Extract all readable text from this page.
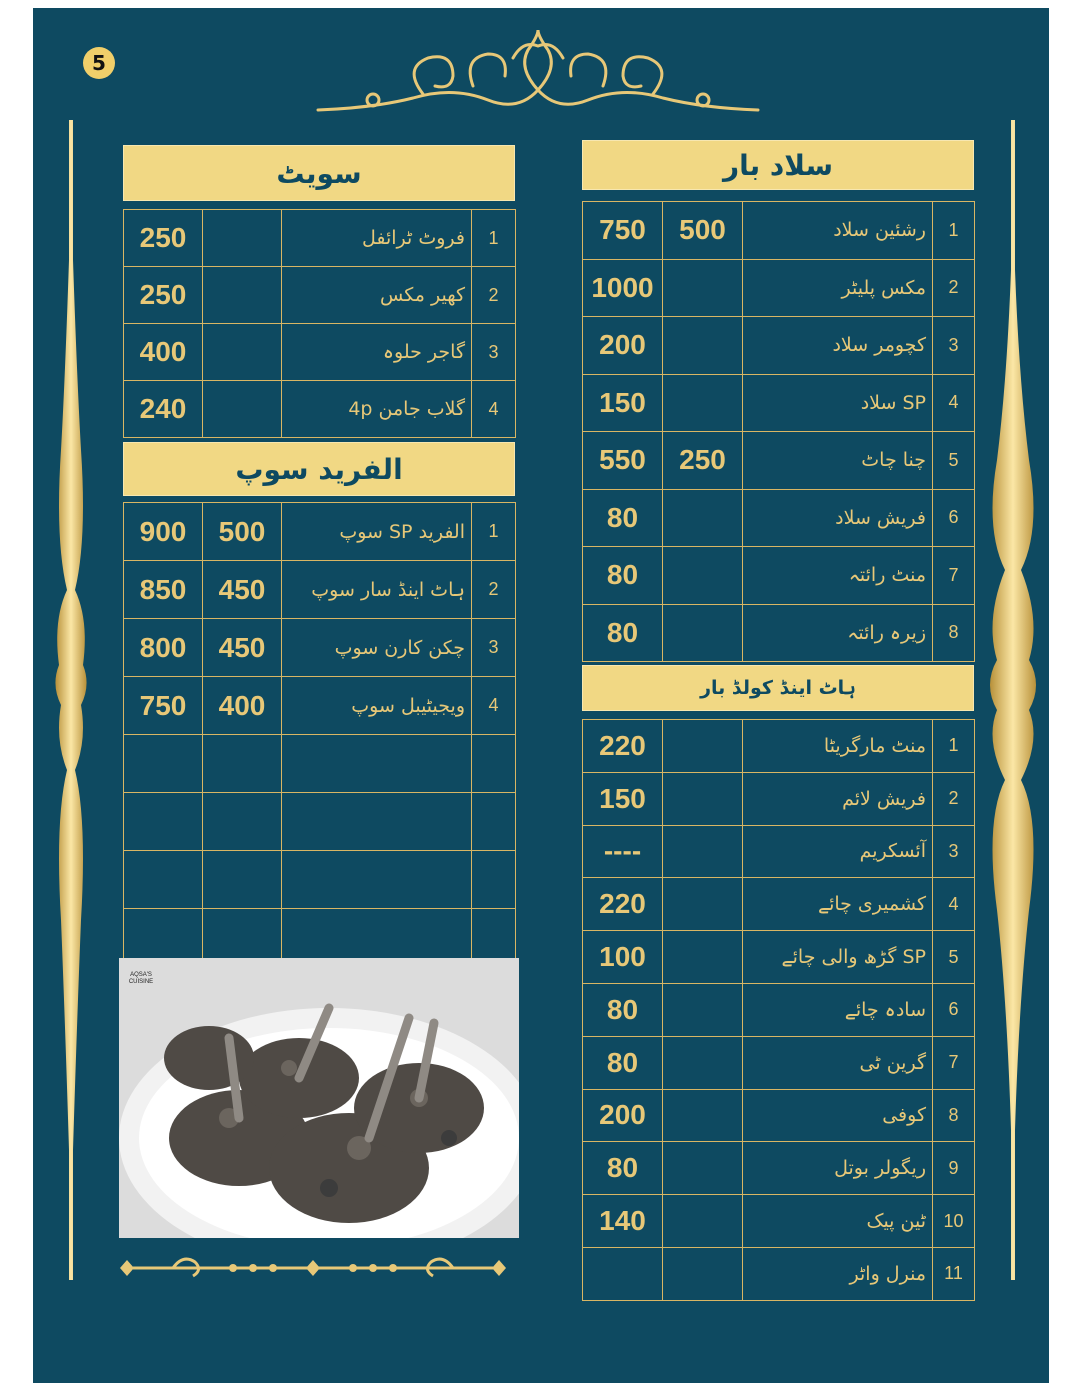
5
سلاد بار
1	رشئین سلاد	500	750
2	مکس پلیٹر		1000
3	کچومر سلاد		200
4	SP سلاد		150
5	چنا چاٹ	250	550
6	فریش سلاد		80
7	منٹ رائتہ		80
8	زیرہ رائتہ		80
ہاٹ اینڈ کولڈ بار
1	منٹ مارگریٹا		220
2	فریش لائم		150
3	آئسکریم		----
4	کشمیری چائے		220
5	SP گڑھ والی چائے		100
6	سادہ چائے		80
7	گرین ٹی		80
8	کوفی		200
9	ریگولر بوتل		80
10	ٹین پیک		140
11	منرل واٹر		
سویٹ
1	فروٹ ٹرائفل		250
2	کھیر مکس		250
3	گاجر حلوہ		400
4	گلاب جامن 4p		240
الفرید سوپ
1	الفرید SP سوپ	500	900
2	ہاٹ اینڈ سار سوپ	450	850
3	چکن کارن سوپ	450	800
4	ویجیٹیبل سوپ	400	750

AQSA'S CUISINE
